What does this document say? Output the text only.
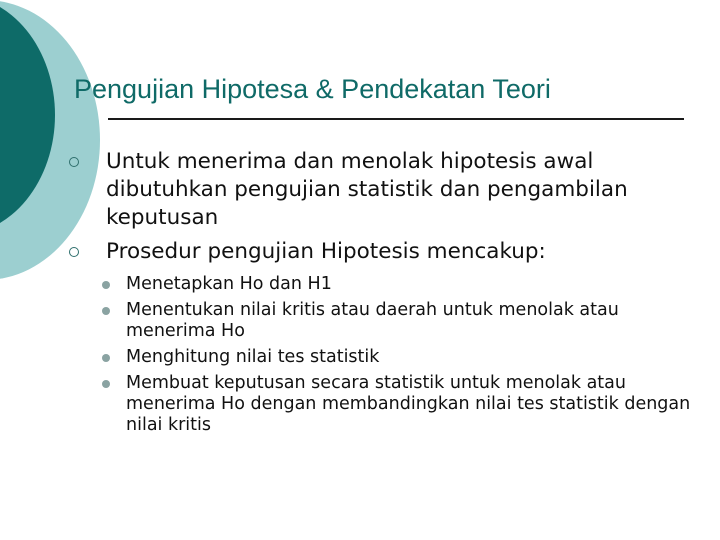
Pengujian Hipotesa & Pendekatan Teori
Untuk menerima dan menolak hipotesis awal dibutuhkan pengujian statistik dan pengambilan keputusan
Prosedur pengujian Hipotesis mencakup:
Menetapkan Ho dan H1
Menentukan nilai kritis atau daerah untuk menolak atau menerima Ho
Menghitung nilai tes statistik
Membuat keputusan secara statistik untuk menolak atau menerima Ho dengan membandingkan nilai tes statistik dengan nilai kritis
